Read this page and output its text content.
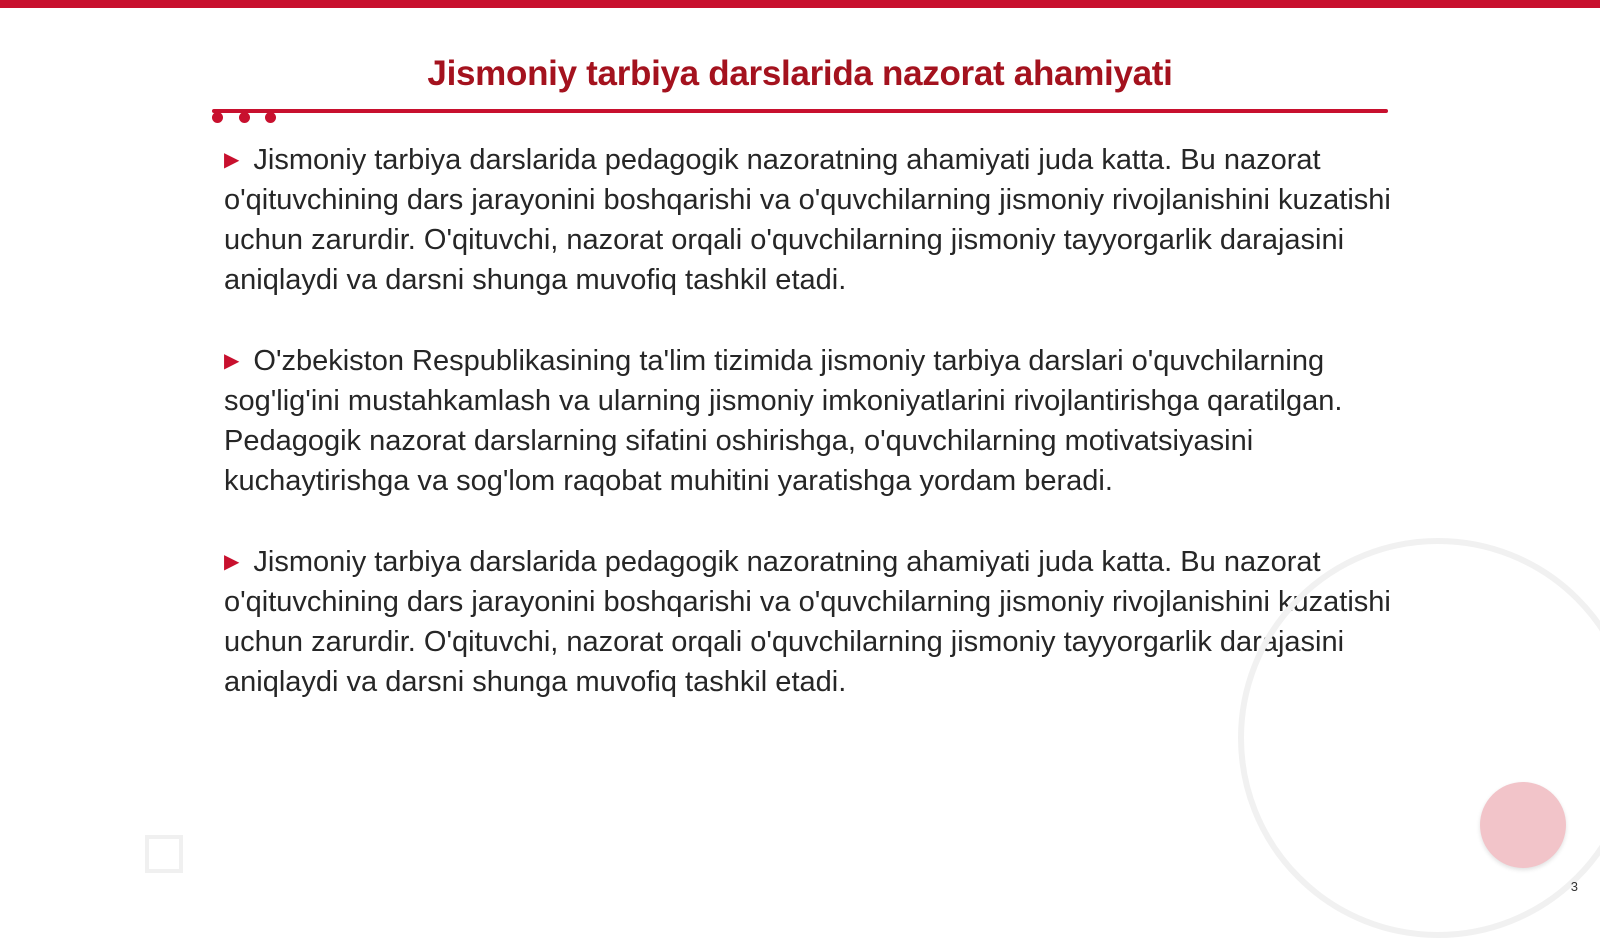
Jismoniy tarbiya darslarida nazorat ahamiyati

▶ Jismoniy tarbiya darslarida pedagogik nazoratning ahamiyati juda katta. Bu nazorat o'qituvchining dars jarayonini boshqarishi va o'quvchilarning jismoniy rivojlanishini kuzatishi uchun zarurdir. O'qituvchi, nazorat orqali o'quvchilarning jismoniy tayyorgarlik darajasini aniqlaydi va darsni shunga muvofiq tashkil etadi.

▶ O'zbekiston Respublikasining ta'lim tizimida jismoniy tarbiya darslari o'quvchilarning sog'lig'ini mustahkamlash va ularning jismoniy imkoniyatlarini rivojlantirishga qaratilgan. Pedagogik nazorat darslarning sifatini oshirishga, o'quvchilarning motivatsiyasini kuchaytirishga va sog'lom raqobat muhitini yaratishga yordam beradi.

▶ Jismoniy tarbiya darslarida pedagogik nazoratning ahamiyati juda katta. Bu nazorat o'qituvchining dars jarayonini boshqarishi va o'quvchilarning jismoniy rivojlanishini kuzatishi uchun zarurdir. O'qituvchi, nazorat orqali o'quvchilarning jismoniy tayyorgarlik darajasini aniqlaydi va darsni shunga muvofiq tashkil etadi.

3
